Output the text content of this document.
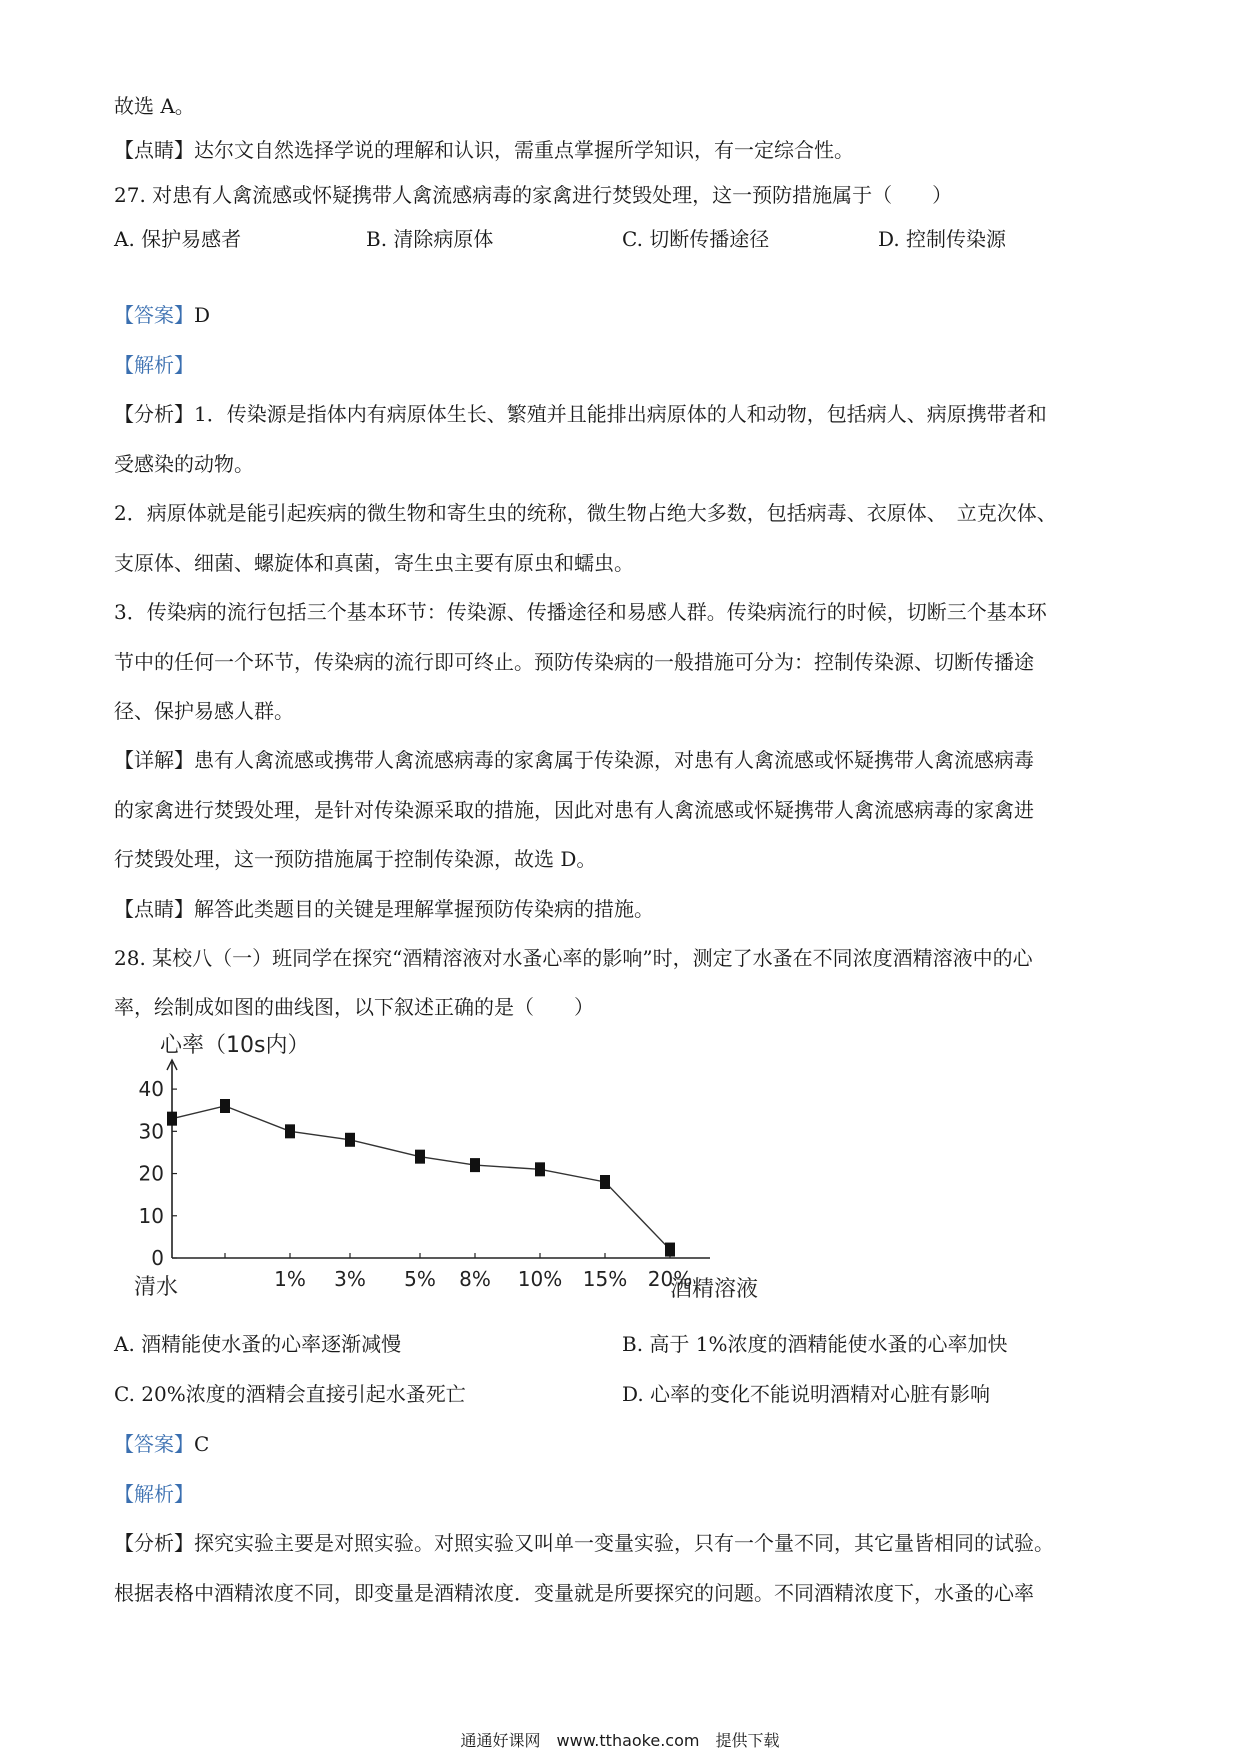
故选 A。
【点睛】达尔文自然选择学说的理解和认识，需重点掌握所学知识，有一定综合性。
27. 对患有人禽流感或怀疑携带人禽流感病毒的家禽进行焚毁处理，这一预防措施属于（　　）
A. 保护易感者	B. 清除病原体	C. 切断传播途径	D. 控制传染源
【答案】D
【解析】
【分析】1．传染源是指体内有病原体生长、繁殖并且能排出病原体的人和动物，包括病人、病原携带者和
受感染的动物。
2．病原体就是能引起疾病的微生物和寄生虫的统称，微生物占绝大多数，包括病毒、衣原体、　立克次体、
支原体、细菌、螺旋体和真菌，寄生虫主要有原虫和蠕虫。
3．传染病的流行包括三个基本环节：传染源、传播途径和易感人群。传染病流行的时候，切断三个基本环
节中的任何一个环节，传染病的流行即可终止。预防传染病的一般措施可分为：控制传染源、切断传播途
径、保护易感人群。
【详解】患有人禽流感或携带人禽流感病毒的家禽属于传染源，对患有人禽流感或怀疑携带人禽流感病毒
的家禽进行焚毁处理，是针对传染源采取的措施，因此对患有人禽流感或怀疑携带人禽流感病毒的家禽进
行焚毁处理，这一预防措施属于控制传染源，故选 D。
【点睛】解答此类题目的关键是理解掌握预防传染病的措施。
28. 某校八（一）班同学在探究“酒精溶液对水蚤心率的影响”时，测定了水蚤在不同浓度酒精溶液中的心
率，绘制成如图的曲线图，以下叙述正确的是（　　）
心率（10s内）
酒精溶液
0
10
20
30
40
清水	1% 3% 5% 8% 10% 15% 20%
A. 酒精能使水蚤的心率逐渐减慢	B. 高于 1%浓度的酒精能使水蚤的心率加快
C. 20%浓度的酒精会直接引起水蚤死亡	D. 心率的变化不能说明酒精对心脏有影响
【答案】C
【解析】
【分析】探究实验主要是对照实验。对照实验又叫单一变量实验，只有一个量不同，其它量皆相同的试验。
根据表格中酒精浓度不同，即变量是酒精浓度．变量就是所要探究的问题。不同酒精浓度下，水蚤的心率
通通好课网　www.tthaoke.com　提供下载
